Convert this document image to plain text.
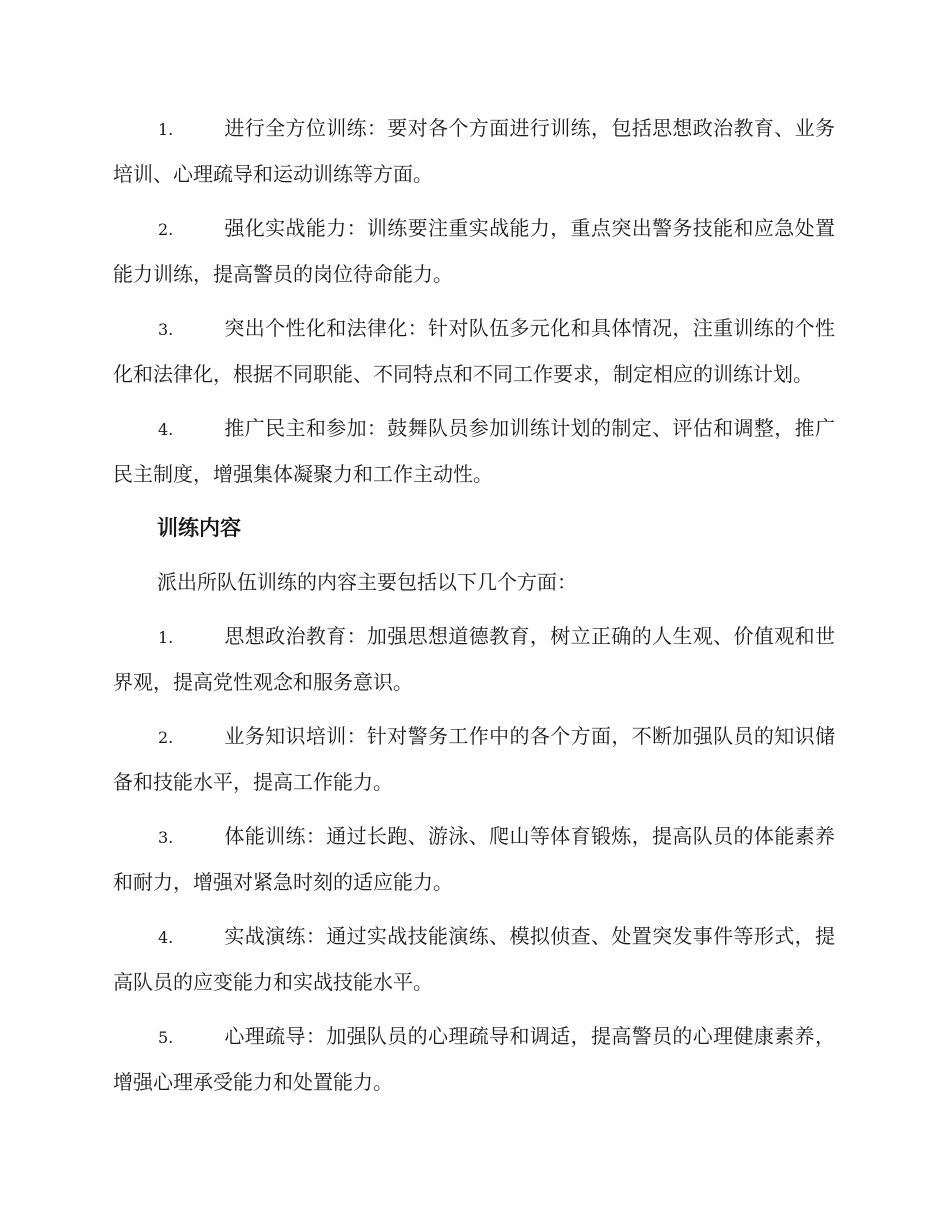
1.	进行全方位训练：要对各个方面进行训练，包括思想政治教育、业务培训、心理疏导和运动训练等方面。
2.	强化实战能力：训练要注重实战能力，重点突出警务技能和应急处置能力训练，提高警员的岗位待命能力。
3.	突出个性化和法律化：针对队伍多元化和具体情况，注重训练的个性化和法律化，根据不同职能、不同特点和不同工作要求，制定相应的训练计划。
4.	推广民主和参加：鼓舞队员参加训练计划的制定、评估和调整，推广民主制度，增强集体凝聚力和工作主动性。
训练内容
派出所队伍训练的内容主要包括以下几个方面：
1.	思想政治教育：加强思想道德教育，树立正确的人生观、价值观和世界观，提高党性观念和服务意识。
2.	业务知识培训：针对警务工作中的各个方面，不断加强队员的知识储备和技能水平，提高工作能力。
3.	体能训练：通过长跑、游泳、爬山等体育锻炼，提高队员的体能素养和耐力，增强对紧急时刻的适应能力。
4.	实战演练：通过实战技能演练、模拟侦查、处置突发事件等形式，提高队员的应变能力和实战技能水平。
5.	心理疏导：加强队员的心理疏导和调适，提高警员的心理健康素养，增强心理承受能力和处置能力。
